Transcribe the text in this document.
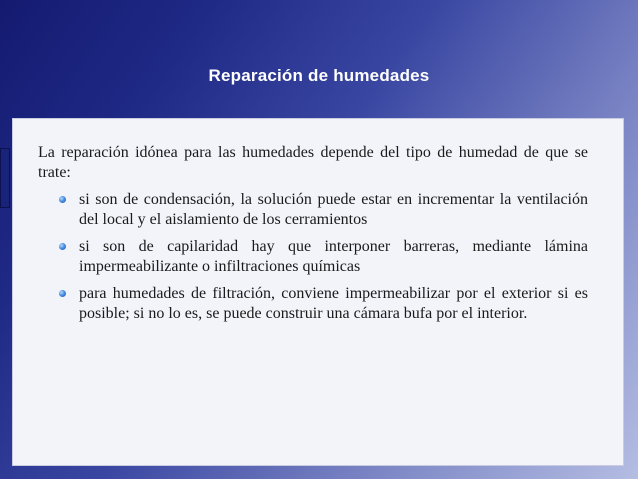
Reparación de humedades

La reparación idónea para las humedades depende del tipo de humedad de que se trate:

si son de condensación, la solución puede estar en incrementar la ventilación del local y el aislamiento de los cerramientos
si son de capilaridad hay que interponer barreras, mediante lámina impermeabilizante o infiltraciones químicas
para humedades de filtración, conviene impermeabilizar por el exterior si es posible; si no lo es, se puede construir una cámara bufa por el interior.
